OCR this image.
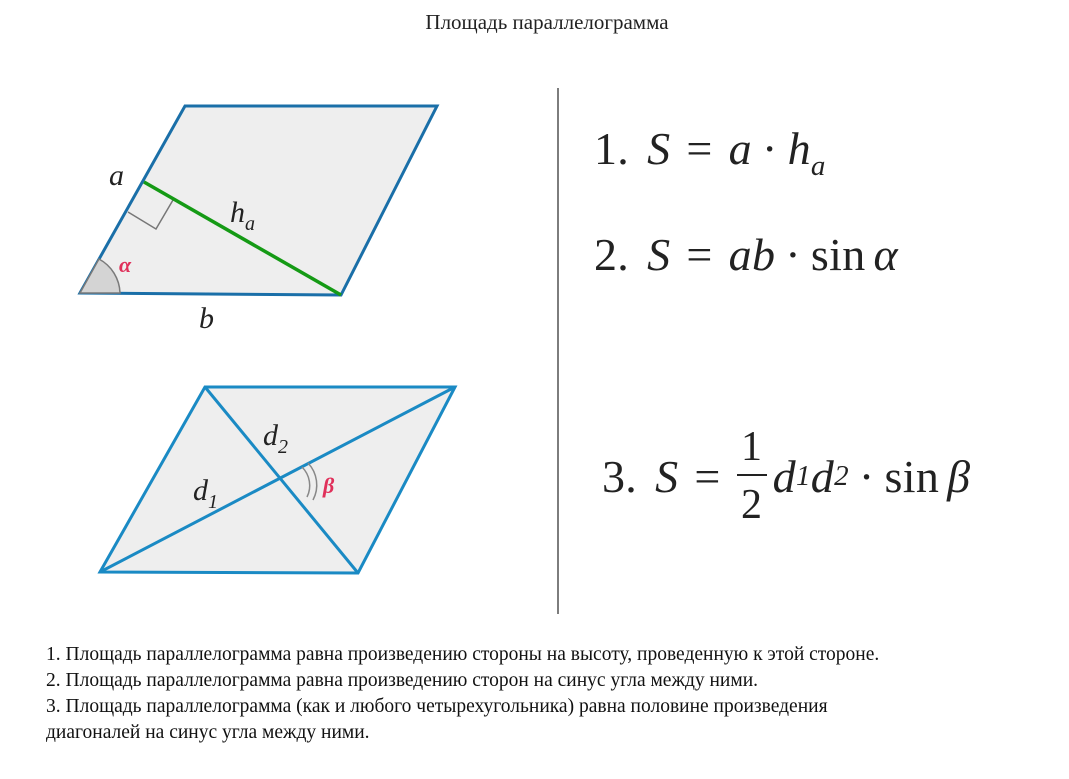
Площадь параллелограмма
a
$h_a$
b
α
$d_2$
$d_1$
β
1. $S = a \cdot h_a$
2. S = ab · sin α
3. $S = \frac{1}{2}$ d 1 d 2 · sin β

1. Площадь параллелограмма равна произведению стороны на высоту, проведенную к этой стороне.

2. Площадь параллелограмма равна произведению сторон на синус угла между ними.

3. Площадь параллелограмма (как и любого четырехугольника) равна половине произведения

диагоналей на синус угла между ними.
